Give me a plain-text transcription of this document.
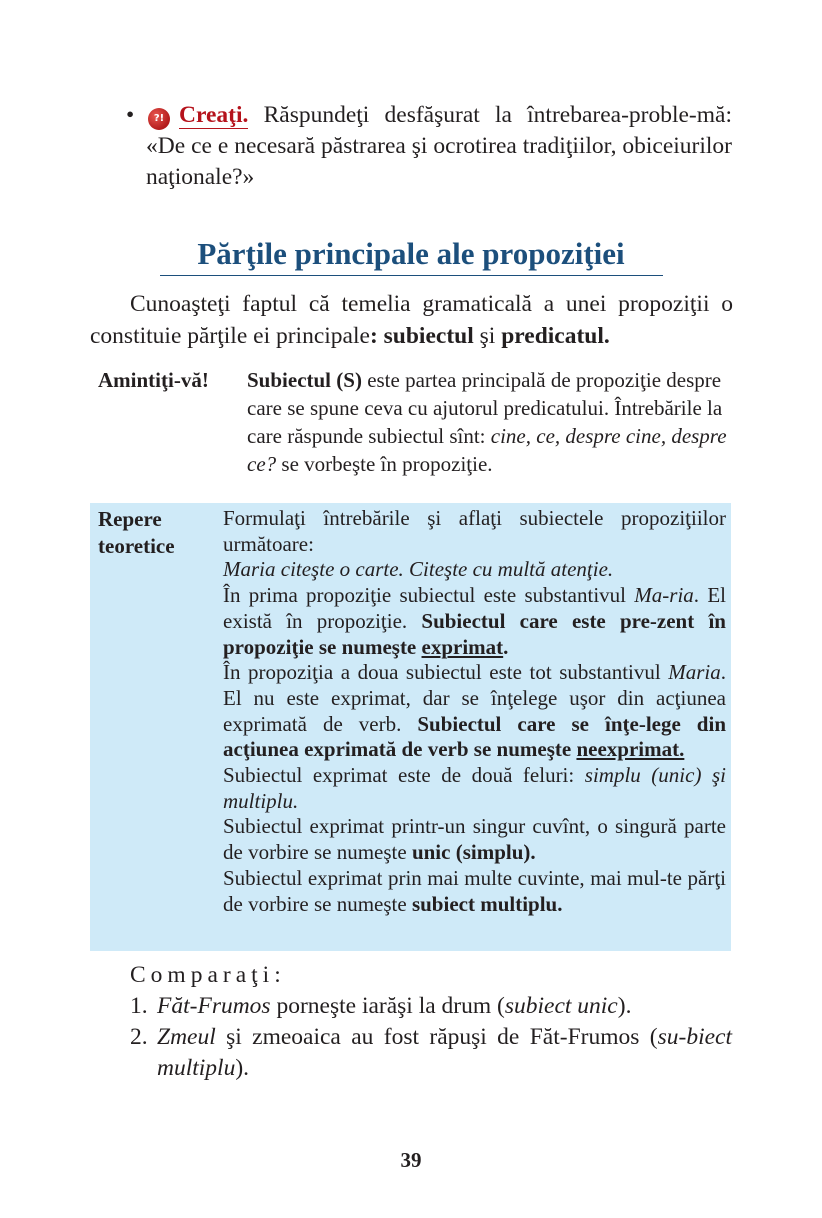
•	?! Creaţi. Răspundeţi desfăşurat la întrebarea-proble-mă: «De ce e necesară păstrarea şi ocrotirea tradiţiilor, obiceiurilor naţionale?»

Părţile principale ale propoziţiei

Cunoaşteţi faptul că temelia gramaticală a unei propoziţii o constituie părţile ei principale: subiectul şi predicatul.

Amintiţi-vă! Subiectul (S) este partea principală de propoziţie despre care se spune ceva cu ajutorul predicatului. Întrebările la care răspunde subiectul sînt: cine, ce, despre cine, despre ce? se vorbeşte în propoziţie.

Repere
teoretice

Formulaţi întrebările şi aflaţi subiectele propoziţiilor următoare:

Maria citeşte o carte. Citeşte cu multă atenţie.

În prima propoziţie subiectul este substantivul Ma-ria. El există în propoziţie. Subiectul care este pre-zent în propoziţie se numeşte exprimat.

În propoziţia a doua subiectul este tot substantivul Maria. El nu este exprimat, dar se înţelege uşor din acţiunea exprimată de verb. Subiectul care se înţe-lege din acţiunea exprimată de verb se numeşte neexprimat.

Subiectul exprimat este de două feluri: simplu (unic) şi multiplu.

Subiectul exprimat printr-un singur cuvînt, o singură parte de vorbire se numeşte unic (simplu).

Subiectul exprimat prin mai multe cuvinte, mai mul-te părţi de vorbire se numeşte subiect multiplu.

Comparaţi:

1. Făt-Frumos porneşte iarăşi la drum (subiect unic).

2. Zmeul şi zmeoaica au fost răpuşi de Făt-Frumos (su-biect multiplu).

39
